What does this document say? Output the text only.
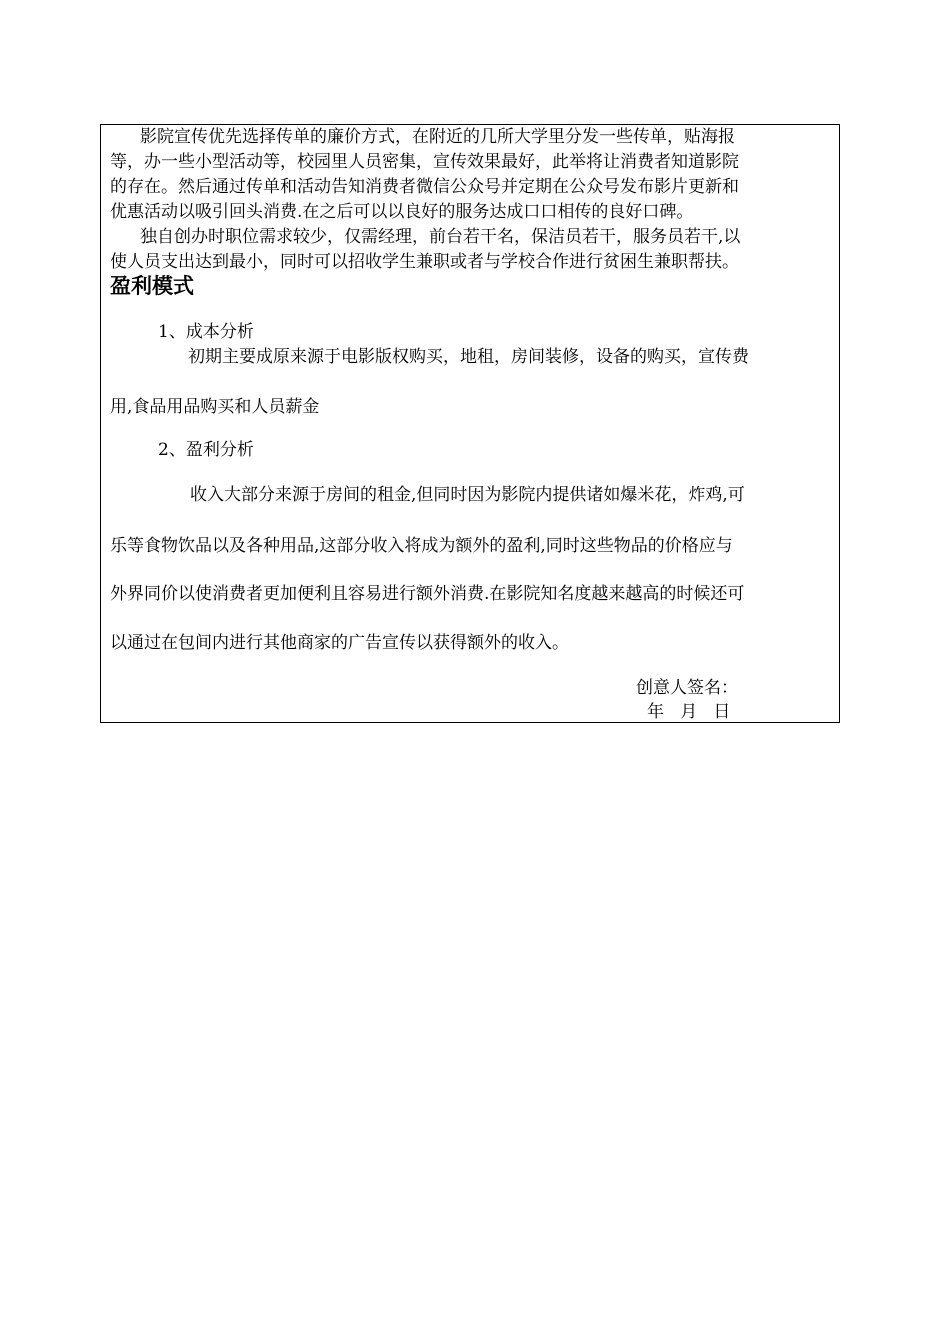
影院宣传优先选择传单的廉价方式，在附近的几所大学里分发一些传单，贴海报

等，办一些小型活动等，校园里人员密集，宣传效果最好，此举将让消费者知道影院

的存在。然后通过传单和活动告知消费者微信公众号并定期在公众号发布影片更新和

优惠活动以吸引回头消费.在之后可以以良好的服务达成口口相传的良好口碑。

独自创办时职位需求较少，仅需经理，前台若干名，保洁员若干，服务员若干,以

使人员支出达到最小，同时可以招收学生兼职或者与学校合作进行贫困生兼职帮扶。

盈利模式

1、成本分析

初期主要成原来源于电影版权购买，地租，房间装修，设备的购买，宣传费

用,食品用品购买和人员薪金

2、盈利分析

收入大部分来源于房间的租金,但同时因为影院内提供诸如爆米花，炸鸡,可

乐等食物饮品以及各种用品,这部分收入将成为额外的盈利,同时这些物品的价格应与

外界同价以使消费者更加便利且容易进行额外消费.在影院知名度越来越高的时候还可

以通过在包间内进行其他商家的广告宣传以获得额外的收入。

创意人签名：

年   月   日
